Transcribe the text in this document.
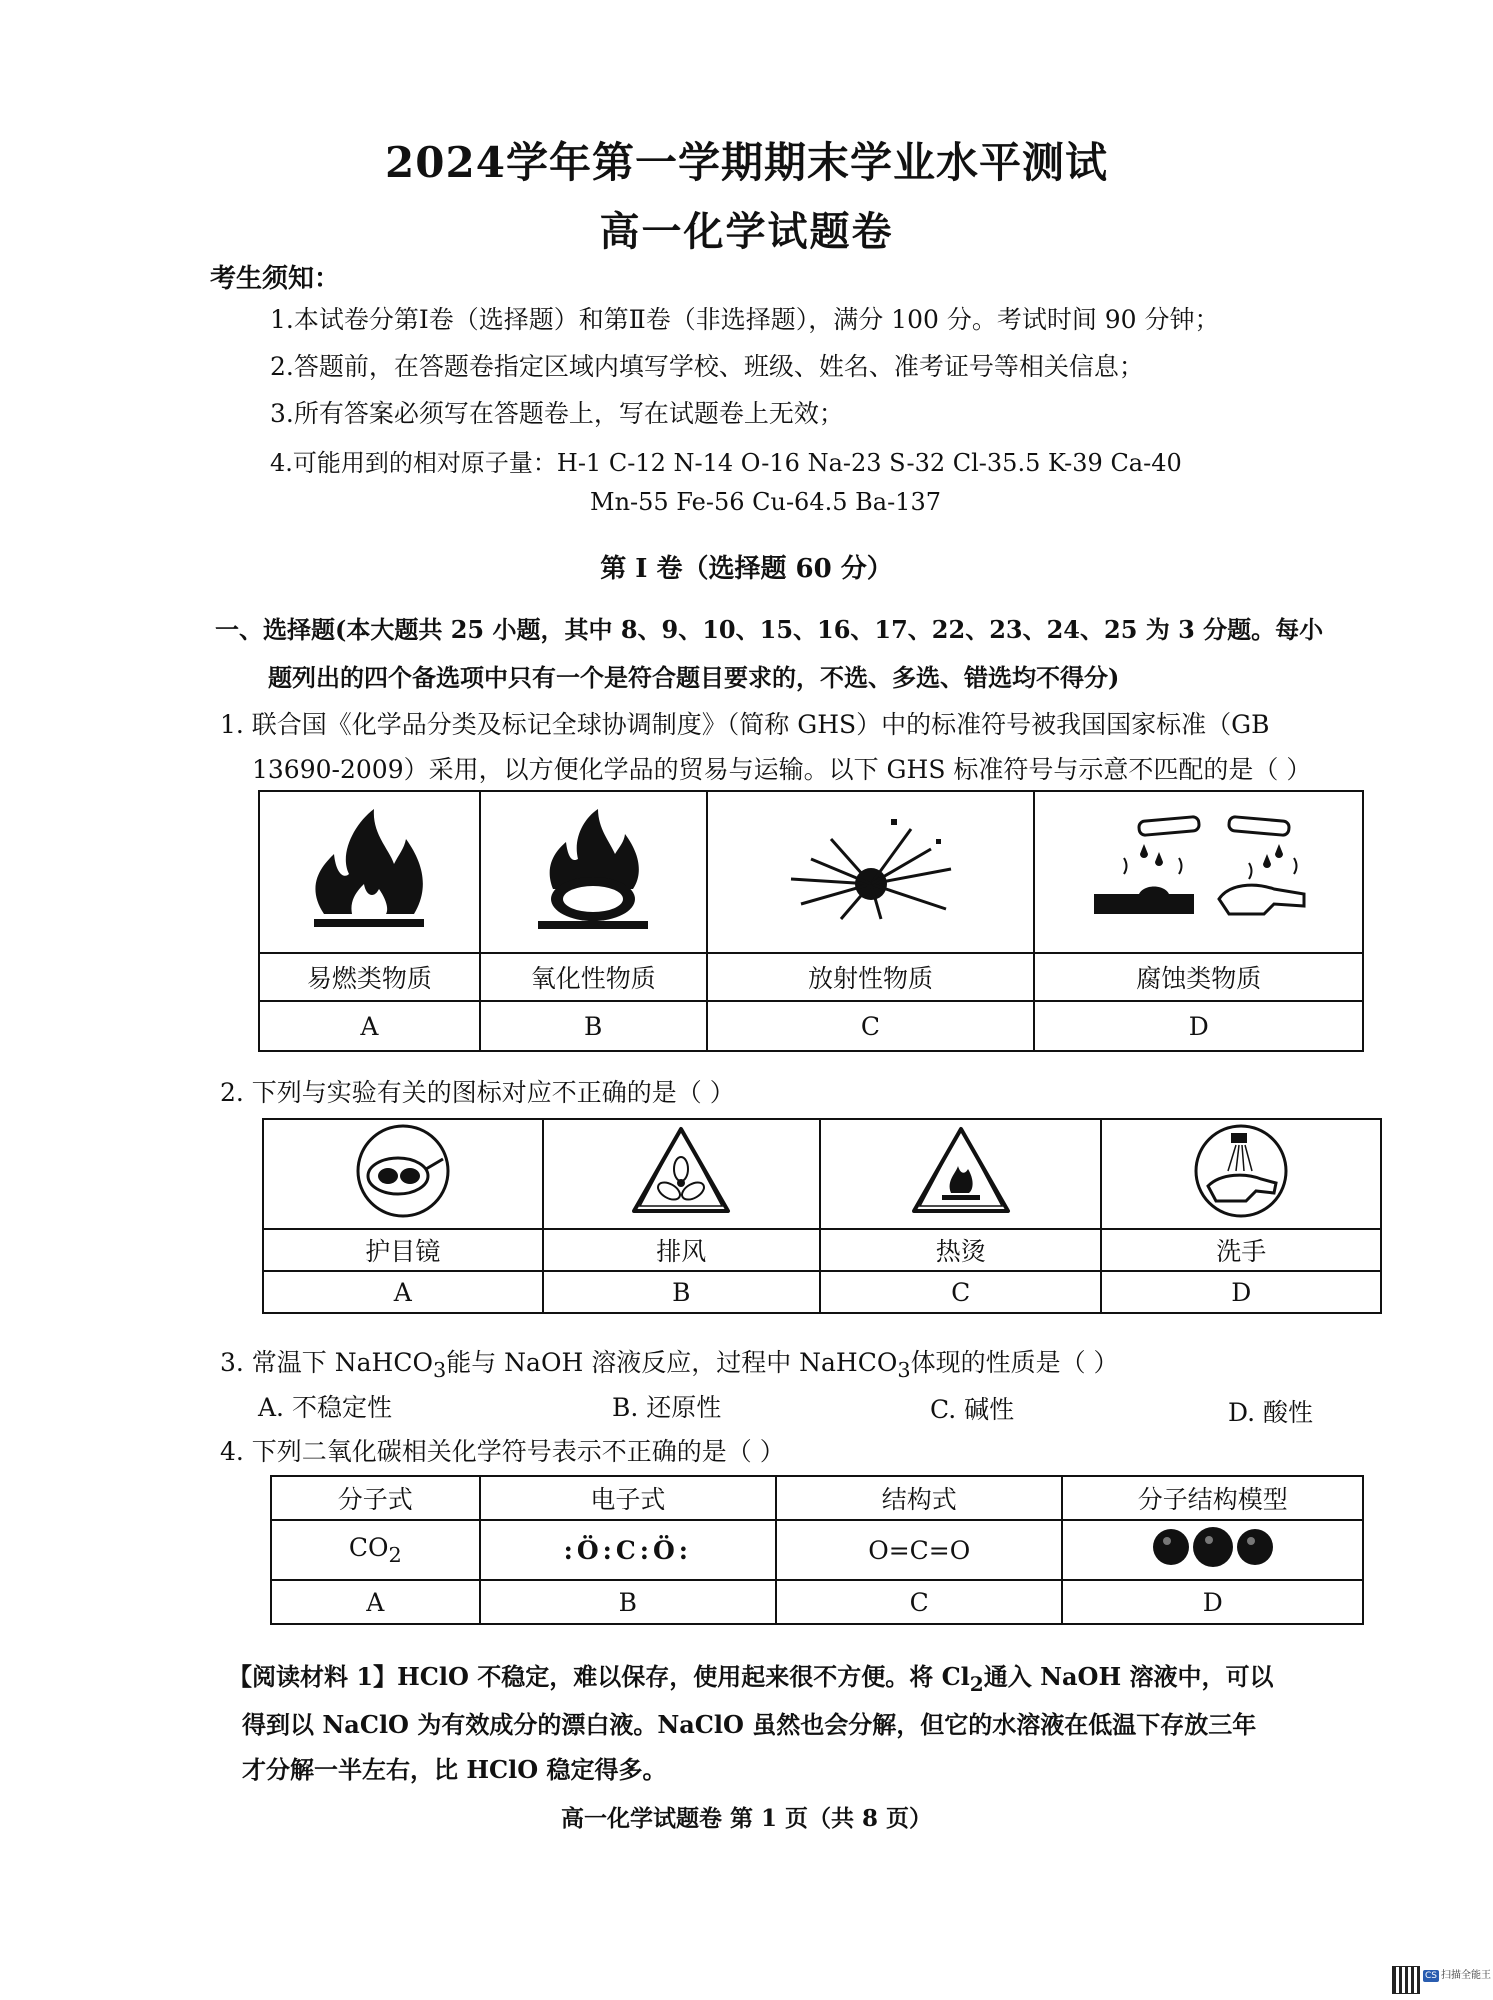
2024学年第一学期期末学业水平测试
高一化学试题卷
考生须知：
1.本试卷分第Ⅰ卷（选择题）和第Ⅱ卷（非选择题），满分 100 分。考试时间 90 分钟；
2.答题前，在答题卷指定区域内填写学校、班级、姓名、准考证号等相关信息；
3.所有答案必须写在答题卷上，写在试题卷上无效；
4.可能用到的相对原子量：H-1 C-12 N-14 O-16 Na-23 S-32 Cl-35.5 K-39 Ca-40
Mn-55 Fe-56 Cu-64.5 Ba-137
第 Ⅰ 卷（选择题 60 分）
一、选择题(本大题共 25 小题，其中 8、9、10、15、16、17、22、23、24、25 为 3 分题。每小
题列出的四个备选项中只有一个是符合题目要求的，不选、多选、错选均不得分)
1. 联合国《化学品分类及标记全球协调制度》（简称 GHS）中的标准符号被我国国家标准（GB
13690-2009）采用，以方便化学品的贸易与运输。以下 GHS 标准符号与示意不匹配的是（ ）

易燃类物质	氧化性物质	放射性物质	腐蚀类物质
A	B	C	D
2. 下列与实验有关的图标对应不正确的是（ ）

护目镜	排风	热烫	洗手
A	B	C	D
3. 常温下 NaHCO$_3$能与 NaOH 溶液反应，过程中 NaHCO$_3$体现的性质是（ ）
A. 不稳定性	B. 还原性	C. 碱性	D. 酸性
4. 下列二氧化碳相关化学符号表示不正确的是（ ）
分子式	电子式	结构式	分子结构模型
$CO_2$	:Ö:C:Ö:	O=C=O	
A	B	C	D
【阅读材料 1】HClO 不稳定，难以保存，使用起来很不方便。将 $Cl_2$通入 NaOH 溶液中，可以
得到以 NaClO 为有效成分的漂白液。NaClO 虽然也会分解，但它的水溶液在低温下存放三年
才分解一半左右，比 HClO 稳定得多。
高一化学试题卷 第 1 页（共 8 页）
CS 扫描全能王
